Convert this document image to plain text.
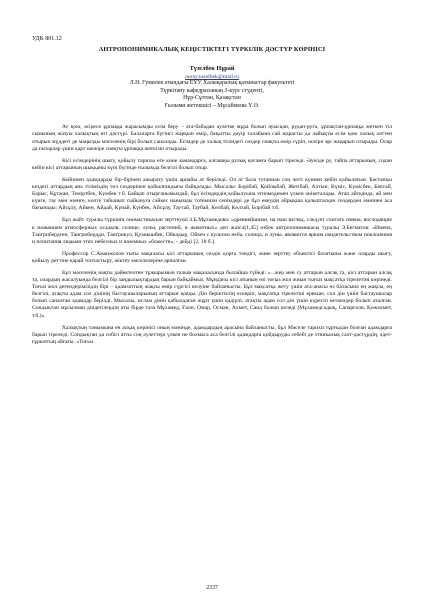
УДК 801.12
АНТРОПОНИМИКАЛЫҚ КЕҢІСТІКТЕГІ ТҮРКІЛІК ДӘСТҮР КӨРІНІСІ
Түзелбек Нұрай
nuray.tuzelbek@mail.ru
Л.Н. Гумилев атындағы ЕҰУ Халықаралық қатынастар факультеті
Түркітану кафедрасының 3-курс студенті,
Нұр-Сұлтан, Қазақстан
Ғылыми жетекшісі – Мұсабекова Ү.Ә.

Ат қою, әсіресе ұрпаққа жарасымды есім беру – ата-бабадан әулетке мұра болып ауысқан, рудан-руға, ұрпақтан-ұрпаққа жеткен тіл сымының жазуы халықтың игі дәстүрі. Балаларға бүгінгі жарқын өмір, бақытты дәуір талабына сай жарасты да лайықты есім қою халық әлттен отырып мүддеті де маңызды мәселенің бірі болып саналады. Есімдер де халық тіліндегі сөздер сияқты өмір сүріп, өскірп әрі жаңарып отырады. Олар да ғасырлар үшін қарт шежіре сияқты ұрпаққа жеткізіп отырады.

Кісі есімдерінің шығу, қойылу тарихы өте көне замандарға, алғашқы рулық қоғамға барып тіреледі. Әуелде ру, тайпа аттарының, содан кейін кісі аттарының шыққаны күні бүгінде ғылымда белгілі болып отыр.

Кейіннен адамдарды бір-бірінен ажырату үшін арнайы ат беріледі. Ол ат бала туғаннан соң жеті күннен кейін қойылатын. Бастапқы кездегі аттардың ана тіліміздің төл сөздерінен қойылғандығы байқалады. Мысалы: Борібай, Қойлыбай, Жетібай, Алтын, Күміс, Күмісбек, Бектай, Барыс, Құтжан, Теміртбек, Күмбек т.б. Байқап отырғанымыздай, бұл есімдердің қойылуына этномодемен үлкен әнікеталады. Атап айтқанда, ай мен күнге, тау мен өзенге, көлге табынып сыйынуға сәйкес нанымды тотемизм сенімдері де бұл екеудің айрықша қалыптасқан сөздерден мәнінен аса бағынады: Айсұлу, Айкен, Айдай, Күнай, Күнбек, Айсұлу, Таутай, Таубай, Көлбай, Көлтай, Борібай т.б.

Бұл жайт туралы түркінің ономастикасын зерттеуші З.Б.Мұхамедова: «древнейшими, на наш взгляд, следует считать имена, восходящие к названиям атмосферных осадков, солнце, луны, растений, и животных» деп жазса[1,45] өзбек антропонимикасы туралы Э.Бегматов: «Имена, Тангрибердген, Тангрибердди, Тангрикул, Қуанышбек, Ойкадыр, Ойкеч с культом неба, солнца, и луны, являются ярким свидетельством поклонения и почитания людьми этих небесных и наземных «божеств», - дейді [2, 18 б.].

Профессор С.Аманжолов тығы мақаласы кісі аттарының сөздік қорға тәндігі, және зерттеу объектісі болатыны және оларды шығу, қойылу реттіне қарай топтастыру, жіктеу мәселелеріне арналған.

Бұл мәселенің нақты дәйектелген тұжырымын ғалым мақаласында былайша түйеді: «...жер мен су аттарын алсақ та, кісі аттарын алсақ та, олардың жасалуында белгілі бір заңдылықтардың барын байқаймыз. Мұндағы кісі атының өзі тоғыз жол жиын тығыз мақсатқа тірелетіні көрінеді. Тоғыз жол дегендерімізідің бірі – адамзаттың жақсы өмір сүргісі келуіне байланысты. Бұл мақсатқа жету үшін ата-анасы өз баласына ең жақсы, ең белгілі, атақты адам сол дінінің бастаушыларының аттарын қояды. Дін беріктіктің ескеріп, мақсатқа тірелетіні ерекше, сол дін үшін бастаушылар болып саналған адамдар берілді. Мысалы, ислам дінін қабылдаған жұрт үшін қадірлі, атақты адам сол дін үшін күресіп кеткендер болып аталған. Сондықтан мұсылман діндегілердің аты бірде таза Мұхамед, Ғали, Омар, Осман, Ахмет, Саид болып келеді (Мұхамедсадық, Сапарғали, Қожахмет, т.б.)».

Халықтың танымына ен асқақ көрінісі оның мәнінде, адамдардың арасына байланысты, бұл Мәселе тарихи тұрғыдан болған адамдарға барып тіреледі. Сондықтан да сөбігі атты соң әулеттері үлкен не болмаса аса белгілі адамдарға қойдыруды себебі де этникалық салт-дәстүрдің, әдет-ғұрыптың айғағы. «Тоғыз

2337
